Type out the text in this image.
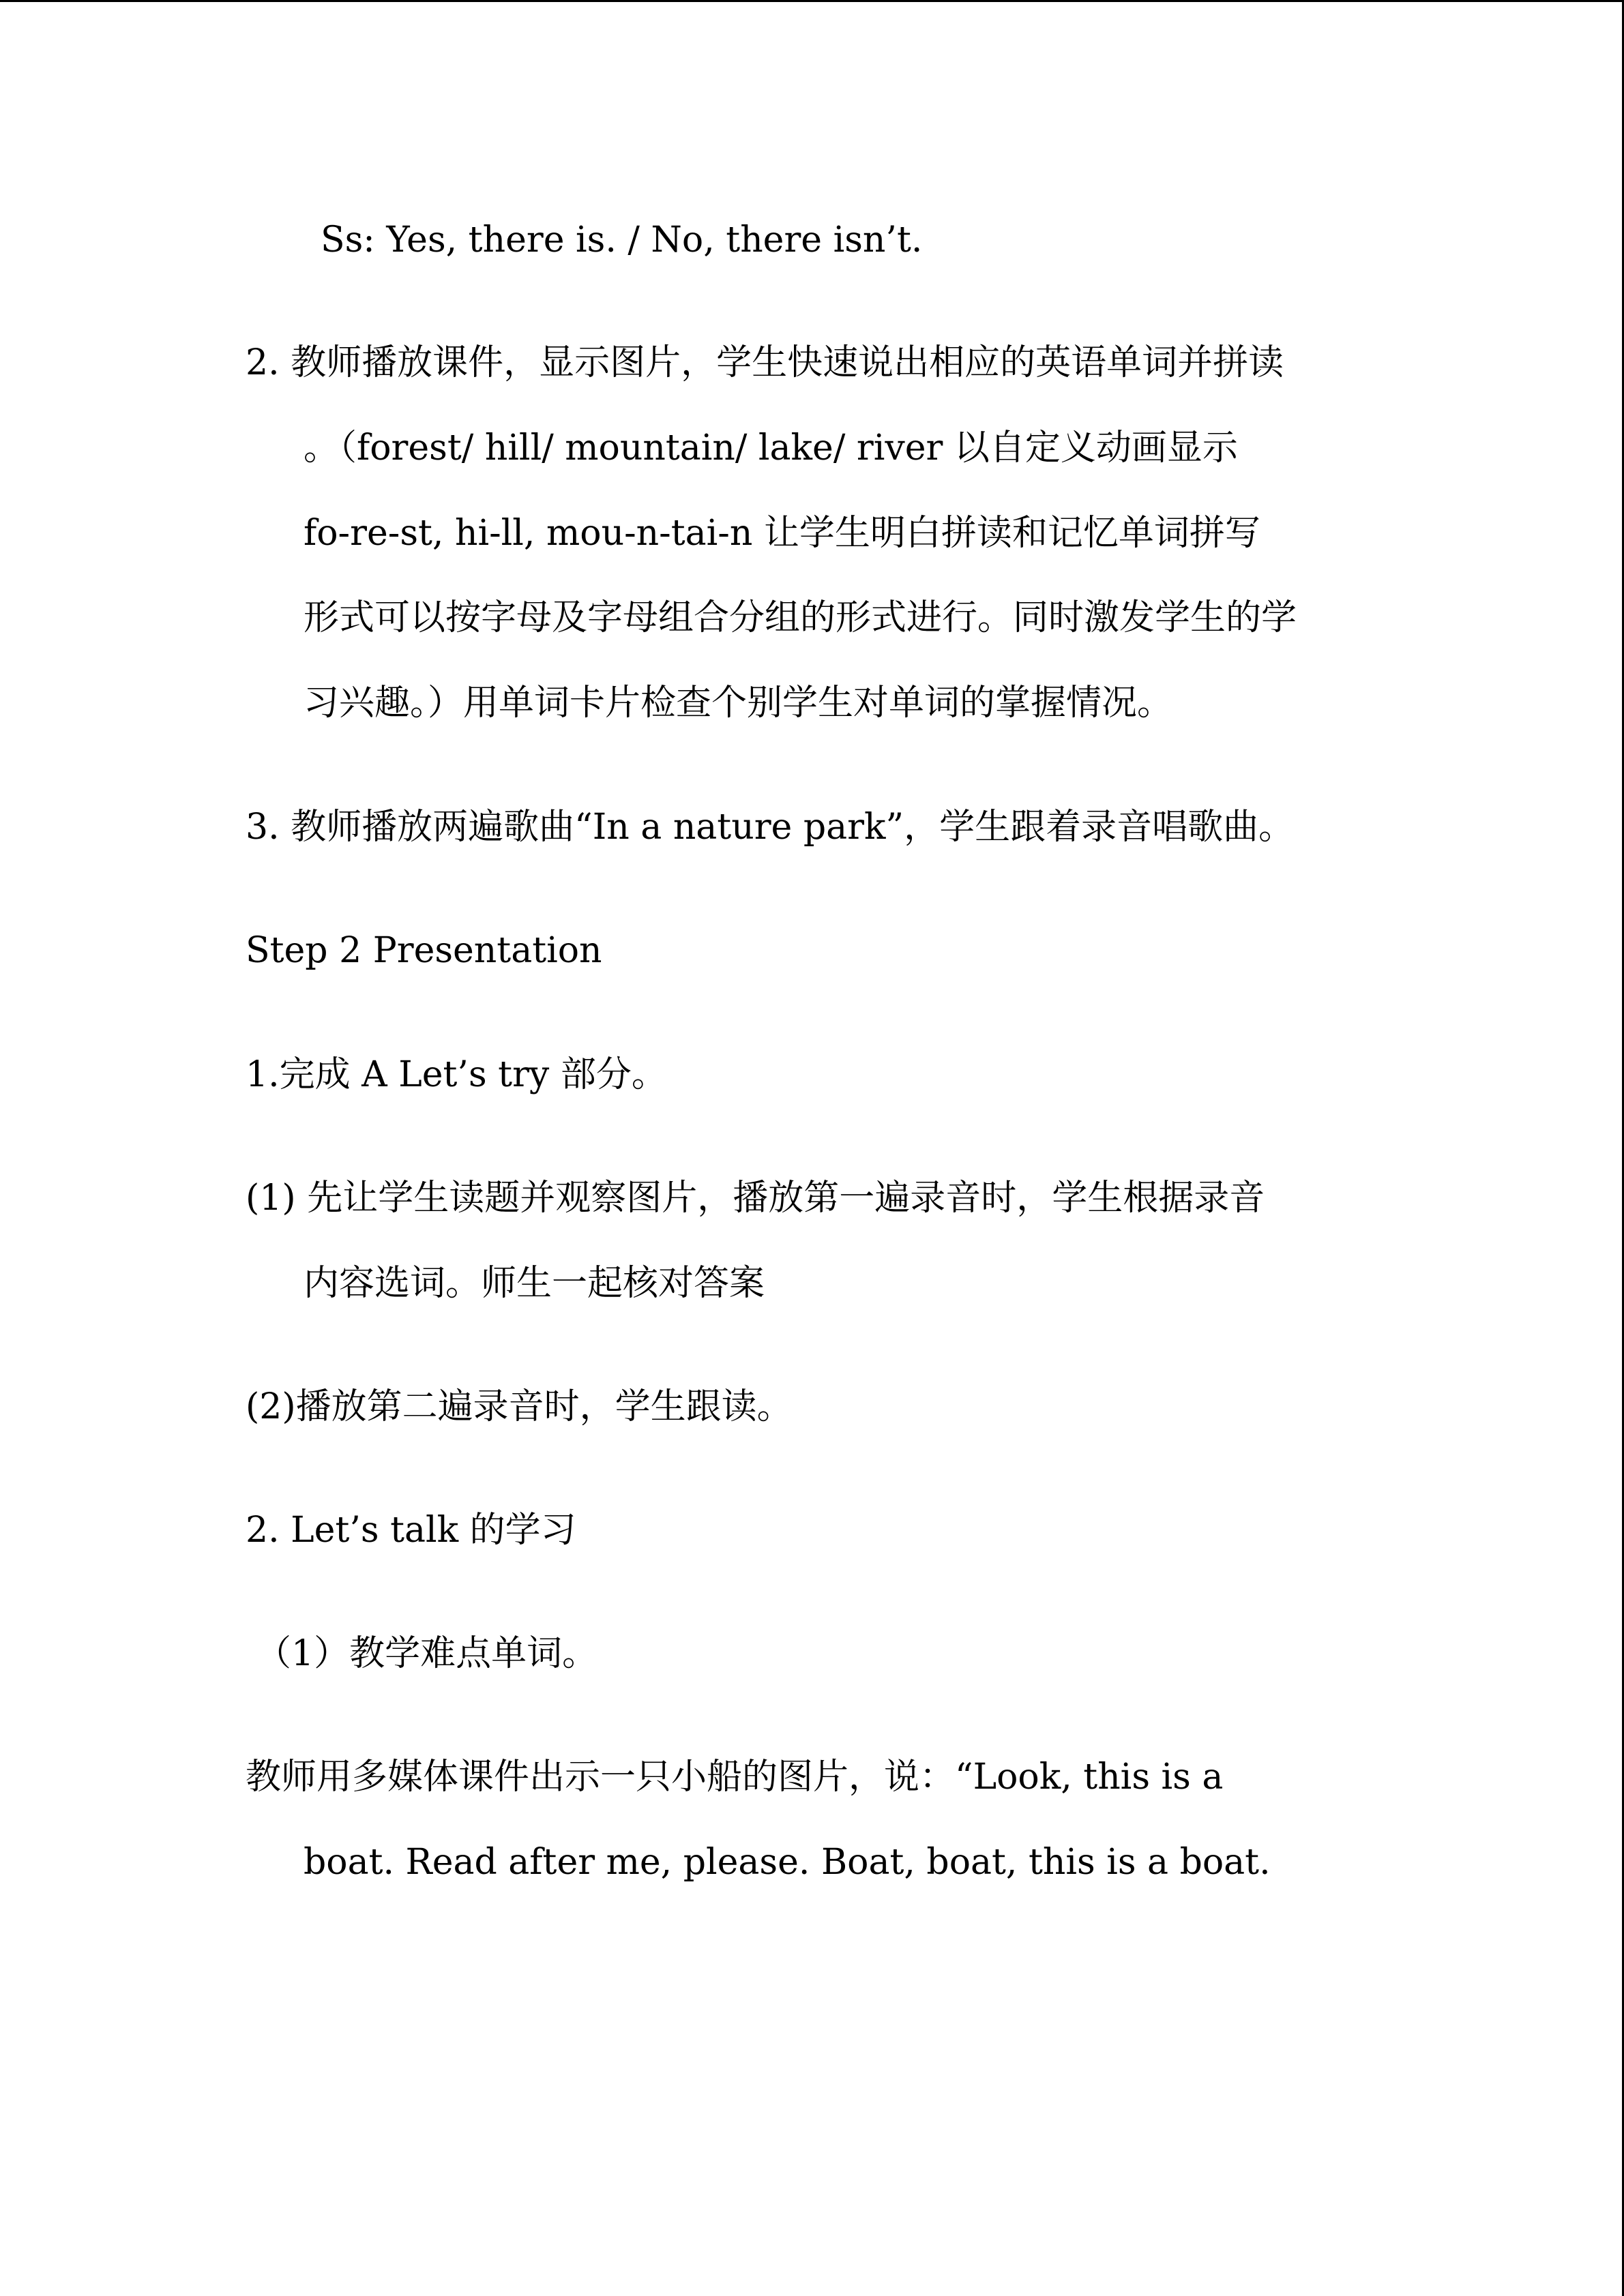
Ss: Yes, there is. / No, there isn’t.
2. 教师播放课件，显示图片，学生快速说出相应的英语单词并拼读
。（forest/ hill/ mountain/ lake/ river 以自定义动画显示
fo-re-st, hi-ll, mou-n-tai-n 让学生明白拼读和记忆单词拼写
形式可以按字母及字母组合分组的形式进行。同时激发学生的学
习兴趣。）用单词卡片检查个别学生对单词的掌握情况。
3. 教师播放两遍歌曲“In a nature park”，学生跟着录音唱歌曲。
Step 2 Presentation
1.完成 A Let’s try 部分。
(1) 先让学生读题并观察图片，播放第一遍录音时，学生根据录音
内容选词。师生一起核对答案
(2)播放第二遍录音时，学生跟读。
2. Let’s talk 的学习
（1）教学难点单词。
教师用多媒体课件出示一只小船的图片，说：“Look, this is a
boat. Read after me, please. Boat, boat, this is a boat.
